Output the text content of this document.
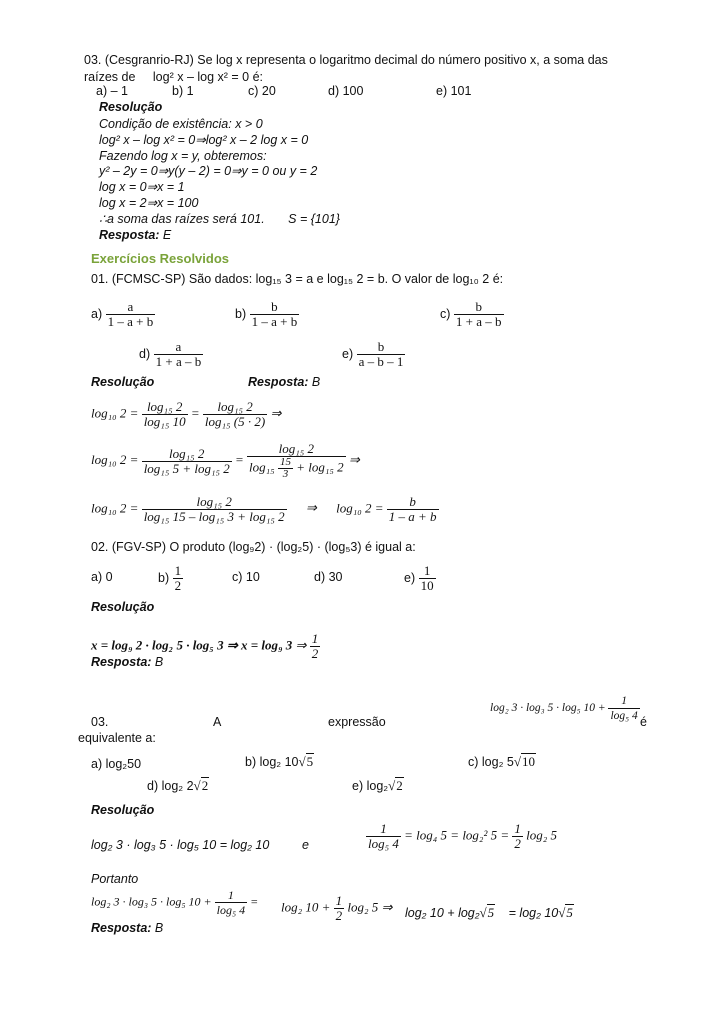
03. (Cesgranrio-RJ) Se log x representa o logaritmo decimal do número positivo x, a soma das
raízes de log² x – log x² = 0 é:
a) – 1	b) 1	c) 20	d) 100	e) 101
Resolução
Condição de existência: x > 0
log² x – log x² = 0⇒log² x – 2 log x = 0
Fazendo log x = y, obteremos:
y² – 2y = 0⇒y(y – 2) = 0⇒y = 0 ou y = 2
log x = 0⇒x = 1
log x = 2⇒x = 100
∴a soma das raízes será 101. S = {101}
Resposta: E
Exercícios Resolvidos
01. (FCMSC-SP) São dados: log₁₅ 3 = a e log₁₅ 2 = b. O valor de log₁₀ 2 é:
$a) \frac{a}{1 - a + b}$	$b) \frac{b}{1 - a + b}$	$c) \frac{b}{1 + a - b}$
$d) \frac{a}{1 + a - b}$	$e) \frac{b}{a - b - 1}$
Resolução	Resposta: B
log₁₀ $2 = \frac{\text{log₁₅ 2}}{\text{log₁₅ 10}} = \frac{\text{log₁₅ 2}}{\text{log₁₅ (5 · 2)}}$ ⇒
log₁₀ $2 = \frac{\text{log₁₅ 2}}{\text{log₁₅ 5 + log₁₅ 2}} = \frac{\text{log₁₅ 2}}{\log_{15} \frac{15}{3} + \log_{15} 2}$ ⇒
log₁₀ $2 = \frac{\text{log₁₅ 2}}{\text{log₁₅ 15 – log₁₅ 3 + log₁₅ 2}}$ ⇒ log₁₀ $2 = \frac{b}{1 - a + b}$
02. (FGV-SP) O produto (log₉2) · (log₂5) · (log₅3) é igual a:
a) 0	$b) \frac{1}{2}$	c) 10	d) 30	$e) \frac{1}{10}$
Resolução
x = log₉ 2 · log₂ 5 · log₅ 3 ⇒ x = log₉ 3 ⇒ $\frac{1}{2}$
Resposta: B
03.	A	expressão
log₂ 3 · log₃ 5 · log₅ $10 + \frac{1}{\text{log₅ 4}}$ é
equivalente a:
a) log₂50	b) log₂ 10√5	c) log₂ 5√10
d) log₂ 2√2	e) log₂√2
Resolução
log₂ 3 · log₃ 5 · log₅ 10 = log₂ 10	e	$\frac{1}{\text{log₅ 4}} = \log_4$ 5 = log₂² $5 = \frac{1}{2} \log_2$ 5
Portanto
log₂ 3 · log₃ 5 · log₅ $10 + \frac{1}{\text{log₅ 4}} = \log_2$ $10 + \frac{1}{2} \log_2$ 5 ⇒ log₂ 10 + log₂√5 = log₂ 10√5
Resposta: B
